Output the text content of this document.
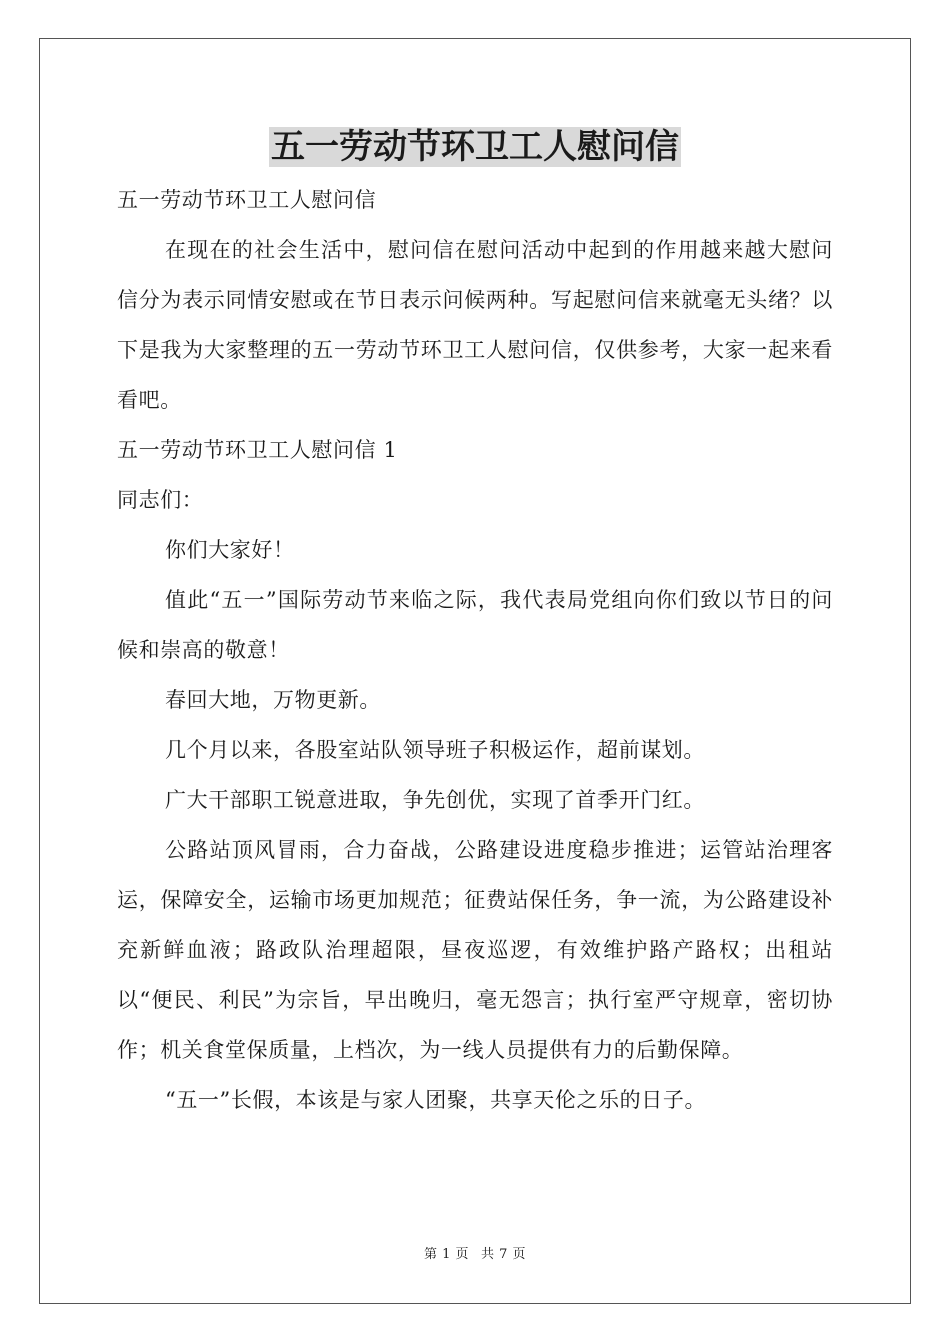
五一劳动节环卫工人慰问信

五一劳动节环卫工人慰问信

在现在的社会生活中，慰问信在慰问活动中起到的作用越来越大慰问信分为表示同情安慰或在节日表示问候两种。写起慰问信来就毫无头绪？以下是我为大家整理的五一劳动节环卫工人慰问信，仅供参考，大家一起来看看吧。

五一劳动节环卫工人慰问信 1

同志们：

你们大家好！

值此“五一”国际劳动节来临之际，我代表局党组向你们致以节日的问候和崇高的敬意！

春回大地，万物更新。

几个月以来，各股室站队领导班子积极运作，超前谋划。

广大干部职工锐意进取，争先创优，实现了首季开门红。

公路站顶风冒雨，合力奋战，公路建设进度稳步推进；运管站治理客运，保障安全，运输市场更加规范；征费站保任务，争一流，为公路建设补充新鲜血液；路政队治理超限，昼夜巡逻，有效维护路产路权；出租站以“便民、利民”为宗旨，早出晚归，毫无怨言；执行室严守规章，密切协作；机关食堂保质量，上档次，为一线人员提供有力的后勤保障。

“五一”长假，本该是与家人团聚，共享天伦之乐的日子。

第 1 页 共 7 页
